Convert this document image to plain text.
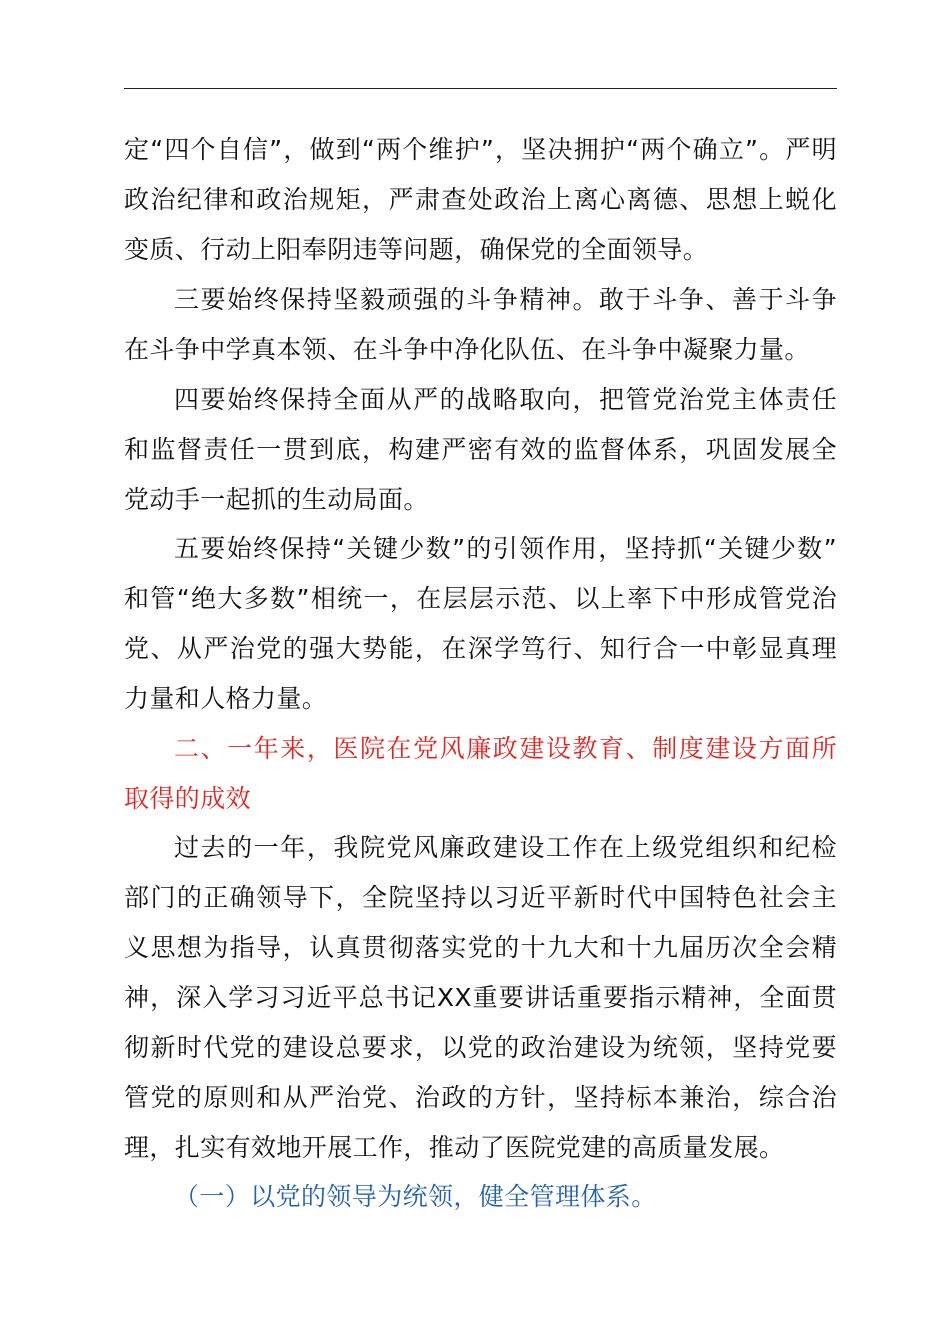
定“四个自信”，做到“两个维护”，坚决拥护“两个确立”。严明
政治纪律和政治规矩，严肃查处政治上离心离德、思想上蜕化
变质、行动上阳奉阴违等问题，确保党的全面领导。
三要始终保持坚毅顽强的斗争精神。敢于斗争、善于斗争
在斗争中学真本领、在斗争中净化队伍、在斗争中凝聚力量。
四要始终保持全面从严的战略取向，把管党治党主体责任
和监督责任一贯到底，构建严密有效的监督体系，巩固发展全
党动手一起抓的生动局面。
五要始终保持“关键少数”的引领作用，坚持抓“关键少数”
和管“绝大多数”相统一，在层层示范、以上率下中形成管党治
党、从严治党的强大势能，在深学笃行、知行合一中彰显真理
力量和人格力量。
二、一年来，医院在党风廉政建设教育、制度建设方面所
取得的成效
过去的一年，我院党风廉政建设工作在上级党组织和纪检
部门的正确领导下，全院坚持以习近平新时代中国特色社会主
义思想为指导，认真贯彻落实党的十九大和十九届历次全会精
神，深入学习习近平总书记XX重要讲话重要指示精神，全面贯
彻新时代党的建设总要求，以党的政治建设为统领，坚持党要
管党的原则和从严治党、治政的方针，坚持标本兼治，综合治
理，扎实有效地开展工作，推动了医院党建的高质量发展。
（一）以党的领导为统领，健全管理体系。
